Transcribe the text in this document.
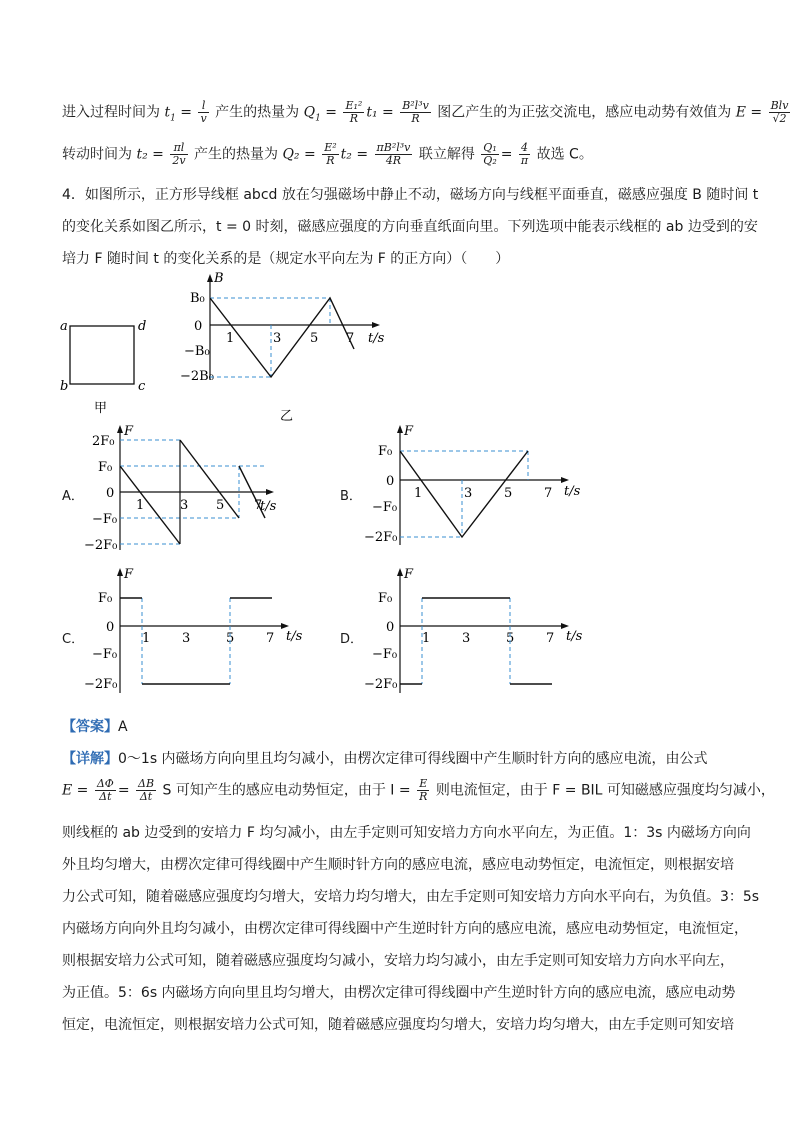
进入过程时间为 $t_1 = \frac{l}{v}$ 产生的热量为 $Q_1 = \frac{\text{E₁²}}{R} t_1 = \frac{\text{B²l³v}}{R}$ 图乙产生的为正弦交流电，感应电动势有效值为 $E = \frac{\text{Blv}}{√2}$
转动时间为 $t_2 = \frac{\pi l}{2v}$ 产生的热量为 $Q_2 = \frac{\text{E²}}{R} t_2 = \frac{\text{πB²l³v}}{4R}$ 联立解得 $\frac{\text{Q₁}}{\text{Q₂}} = \frac{4}{\pi}$ 故选 C。
4．如图所示，正方形导线框 abcd 放在匀强磁场中静止不动，磁场方向与线框平面垂直，磁感应强度 B 随时间 t
的变化关系如图乙所示，t = 0 时刻，磁感应强度的方向垂直纸面向里。下列选项中能表示线框的 ab 边受到的安
培力 F 随时间 t 的变化关系的是（规定水平向左为 F 的正方向）（　　）
a	d
b	c
甲
B
0
t/s
B₀
−B₀
−2B₀
1	3 5 7
乙
A．
F
0
t/s
2F₀
F₀
−F₀
−2F₀
1	3 5 7
B．
F
0
t/s
F₀
−F₀
−2F₀
1	3 5 7
C．
F
0
t/s
F₀
−F₀
−2F₀
1 3	5 7	D．
F
0
t/s
F₀
−F₀
−2F₀
1 3	5 7
【答案】A
【详解】0～1s 内磁场方向向里且均匀减小，由楞次定律可得线圈中产生顺时针方向的感应电流，由公式
$E = \frac{\Delta\Phi}{\Delta t} = \frac{\Delta B}{\Delta t}$ S 可知产生的感应电动势恒定，由于 $I = \frac{E}{R}$ 则电流恒定，由于 F = BIL 可知磁感应强度均匀减小，
则线框的 ab 边受到的安培力 F 均匀减小，由左手定则可知安培力方向水平向左，为正值。1：3s 内磁场方向向
外且均匀增大，由楞次定律可得线圈中产生顺时针方向的感应电流，感应电动势恒定，电流恒定，则根据安培
力公式可知，随着磁感应强度均匀增大，安培力均匀增大，由左手定则可知安培力方向水平向右，为负值。3：5s
内磁场方向向外且均匀减小，由楞次定律可得线圈中产生逆时针方向的感应电流，感应电动势恒定，电流恒定，
则根据安培力公式可知，随着磁感应强度均匀减小，安培力均匀减小，由左手定则可知安培力方向水平向左，
为正值。5：6s 内磁场方向向里且均匀增大，由楞次定律可得线圈中产生逆时针方向的感应电流，感应电动势
恒定，电流恒定，则根据安培力公式可知，随着磁感应强度均匀增大，安培力均匀增大，由左手定则可知安培
